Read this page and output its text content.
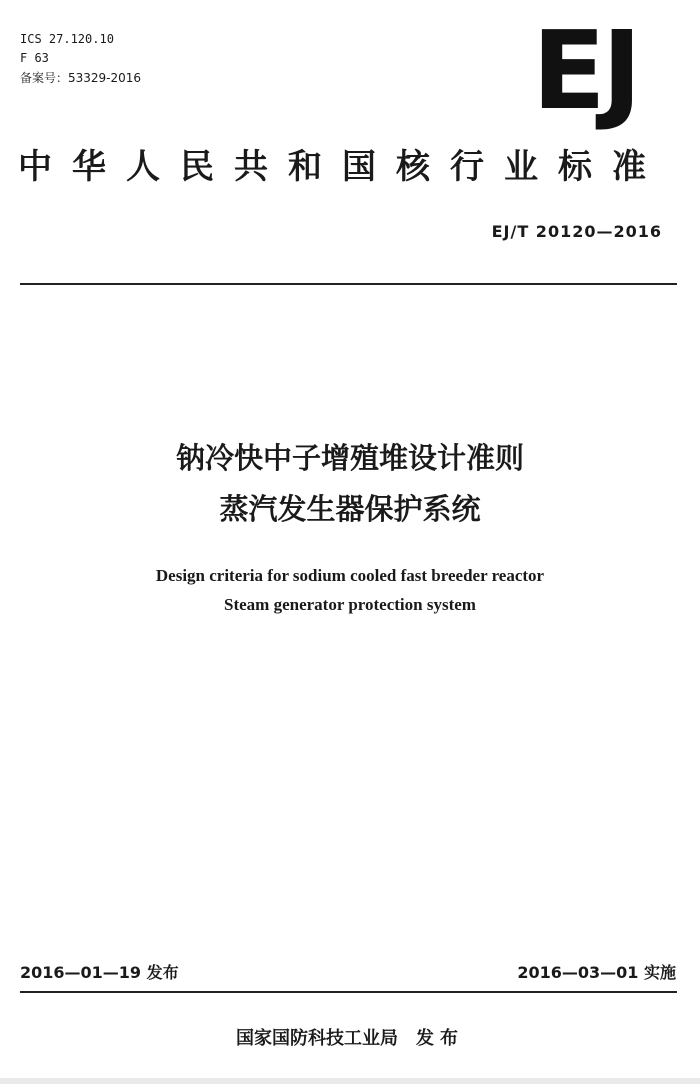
ICS 27.120.10
F 63
备案号：53329-2016	EJ
中华人民共和国核行业标准
EJ/T 20120—2016
钠冷快中子增殖堆设计准则
蒸汽发生器保护系统
Design criteria for sodium cooled fast breeder reactor
Steam generator protection system
2016—01—19 发布	2016—03—01 实施
国家国防科技工业局 发布
